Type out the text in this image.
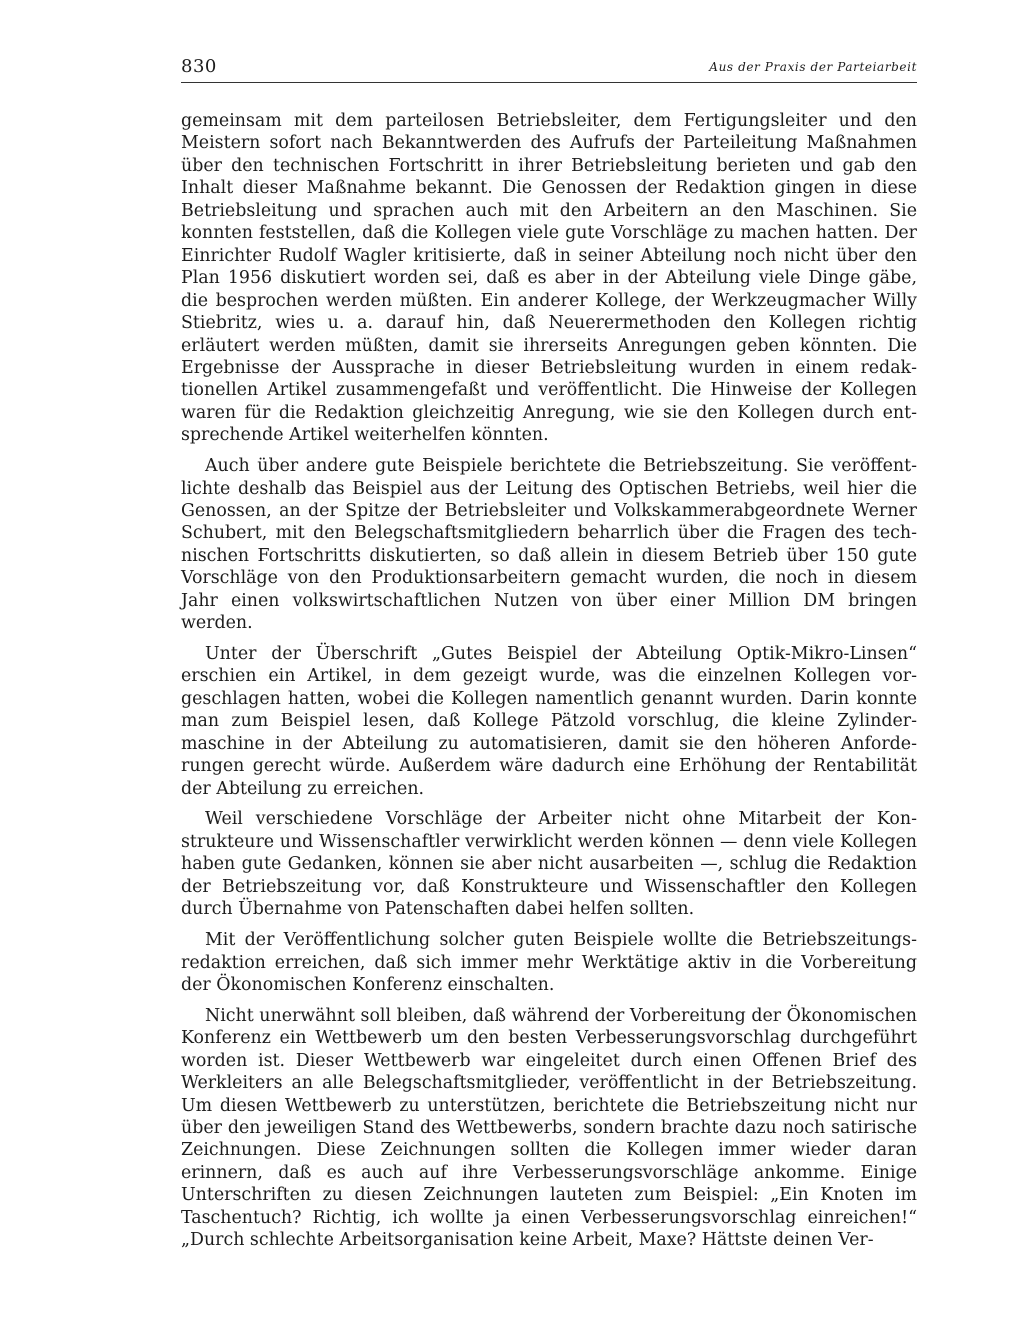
830	Aus der Praxis der Parteiarbeit

gemeinsam mit dem parteilosen Betriebsleiter, dem Fertigungsleiter und den Meistern sofort nach Bekanntwerden des Aufrufs der Parteileitung Maßnahmen über den technischen Fortschritt in ihrer Betriebsleitung berieten und gab den Inhalt dieser Maßnahme bekannt. Die Genossen der Redaktion gingen in diese Betriebsleitung und sprachen auch mit den Arbeitern an den Maschinen. Sie konnten feststellen, daß die Kollegen viele gute Vorschläge zu machen hatten. Der Einrichter Rudolf Wagler kritisierte, daß in seiner Abteilung noch nicht über den Plan 1956 diskutiert worden sei, daß es aber in der Abteilung viele Dinge gäbe, die besprochen werden müßten. Ein anderer Kollege, der Werkzeugmacher Willy Stiebritz, wies u. a. darauf hin, daß Neuerermethoden den Kollegen richtig erläutert werden müßten, damit sie ihrerseits Anregungen geben könnten. Die Ergebnisse der Aussprache in dieser Betriebsleitung wurden in einem redaktionellen Artikel zusammengefaßt und veröffentlicht. Die Hinweise der Kollegen waren für die Redaktion gleichzeitig Anregung, wie sie den Kollegen durch entsprechende Artikel weiterhelfen könnten.

Auch über andere gute Beispiele berichtete die Betriebszeitung. Sie veröffentlichte deshalb das Beispiel aus der Leitung des Optischen Betriebs, weil hier die Genossen, an der Spitze der Betriebsleiter und Volkskammerabgeordnete Werner Schubert, mit den Belegschaftsmitgliedern beharrlich über die Fragen des technischen Fortschritts diskutierten, so daß allein in diesem Betrieb über 150 gute Vorschläge von den Produktionsarbeitern gemacht wurden, die noch in diesem Jahr einen volkswirtschaftlichen Nutzen von über einer Million DM bringen werden.

Unter der Überschrift „Gutes Beispiel der Abteilung Optik-Mikro-Linsen“ erschien ein Artikel, in dem gezeigt wurde, was die einzelnen Kollegen vorgeschlagen hatten, wobei die Kollegen namentlich genannt wurden. Darin konnte man zum Beispiel lesen, daß Kollege Pätzold vorschlug, die kleine Zylindermaschine in der Abteilung zu automatisieren, damit sie den höheren Anforderungen gerecht würde. Außerdem wäre dadurch eine Erhöhung der Rentabilität der Abteilung zu erreichen.

Weil verschiedene Vorschläge der Arbeiter nicht ohne Mitarbeit der Konstrukteure und Wissenschaftler verwirklicht werden können — denn viele Kollegen haben gute Gedanken, können sie aber nicht ausarbeiten —, schlug die Redaktion der Betriebszeitung vor, daß Konstrukteure und Wissenschaftler den Kollegen durch Übernahme von Patenschaften dabei helfen sollten.

Mit der Veröffentlichung solcher guten Beispiele wollte die Betriebszeitungsredaktion erreichen, daß sich immer mehr Werktätige aktiv in die Vorbereitung der Ökonomischen Konferenz einschalten.

Nicht unerwähnt soll bleiben, daß während der Vorbereitung der Ökonomischen Konferenz ein Wettbewerb um den besten Verbesserungsvorschlag durchgeführt worden ist. Dieser Wettbewerb war eingeleitet durch einen Offenen Brief des Werkleiters an alle Belegschaftsmitglieder, veröffentlicht in der Betriebszeitung. Um diesen Wettbewerb zu unterstützen, berichtete die Betriebszeitung nicht nur über den jeweiligen Stand des Wettbewerbs, sondern brachte dazu noch satirische Zeichnungen. Diese Zeichnungen sollten die Kollegen immer wieder daran erinnern, daß es auch auf ihre Verbesserungsvorschläge ankomme. Einige Unterschriften zu diesen Zeichnungen lauteten zum Beispiel: „Ein Knoten im Taschentuch? Richtig, ich wollte ja einen Verbesserungsvorschlag einreichen!“ „Durch schlechte Arbeitsorganisation keine Arbeit, Maxe? Hättste deinen Ver-
